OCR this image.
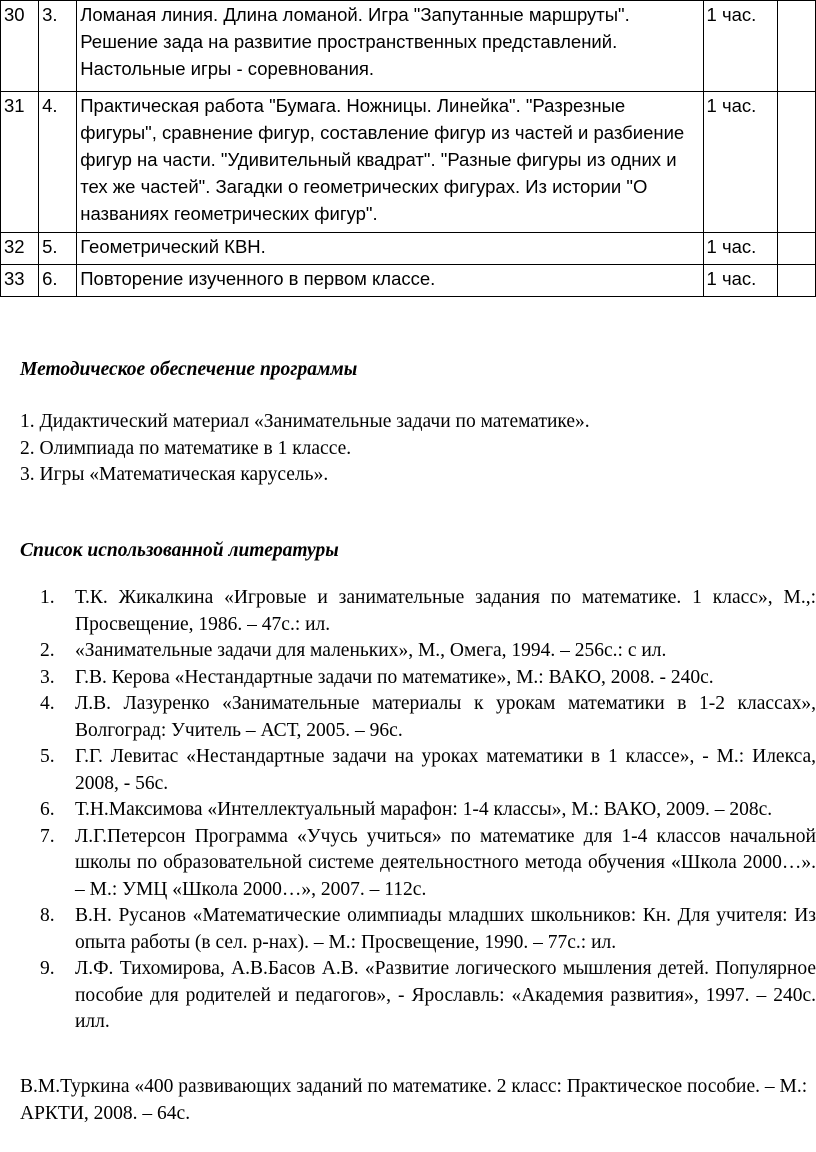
30	3.	Ломаная линия. Длина ломаной. Игра "Запутанные маршруты". Решение зада на развитие пространственных представлений. Настольные игры - соревнования.	1 час.	
31	4.	Практическая работа "Бумага. Ножницы. Линейка". "Разрезные фигуры", сравнение фигур, составление фигур из частей и разбиение фигур на части. "Удивительный квадрат". "Разные фигуры из одних и тех же частей". Загадки о геометрических фигурах. Из истории "О названиях геометрических фигур".	1 час.	
32	5.	Геометрический КВН.	1 час.	
33	6.	Повторение изученного в первом классе.	1 час.	
Методическое обеспечение программы
1. Дидактический материал «Занимательные задачи по математике».
2. Олимпиада по математике в 1 классе.
3. Игры «Математическая карусель».
Список использованной литературы
1. Т.К. Жикалкина «Игровые и занимательные задания по математике. 1 класс», М.,: Просвещение, 1986. – 47с.: ил.
2. «Занимательные задачи для маленьких», М., Омега, 1994. – 256с.: с ил.
3. Г.В. Керова «Нестандартные задачи по математике», М.: ВАКО, 2008. - 240с.
4. Л.В. Лазуренко «Занимательные материалы к урокам математики в 1-2 классах», Волгоград: Учитель – АСТ, 2005. – 96с.
5. Г.Г. Левитас «Нестандартные задачи на уроках математики в 1 классе», - М.: Илекса, 2008, - 56с.
6. Т.Н.Максимова «Интеллектуальный марафон: 1-4 классы», М.: ВАКО, 2009. – 208с.
7. Л.Г.Петерсон Программа «Учусь учиться» по математике для 1-4 классов начальной школы по образовательной системе деятельностного метода обучения «Школа 2000…». – М.: УМЦ «Школа 2000…», 2007. – 112с.
8. В.Н. Русанов «Математические олимпиады младших школьников: Кн. Для учителя: Из опыта работы (в сел. р-нах). – М.: Просвещение, 1990. – 77с.: ил.
9. Л.Ф. Тихомирова, А.В.Басов А.В. «Развитие логического мышления детей. Популярное пособие для родителей и педагогов», - Ярославль: «Академия развития», 1997. – 240с. илл.
В.М.Туркина «400 развивающих заданий по математике. 2 класс: Практическое пособие. – М.: АРКТИ, 2008. – 64с.
